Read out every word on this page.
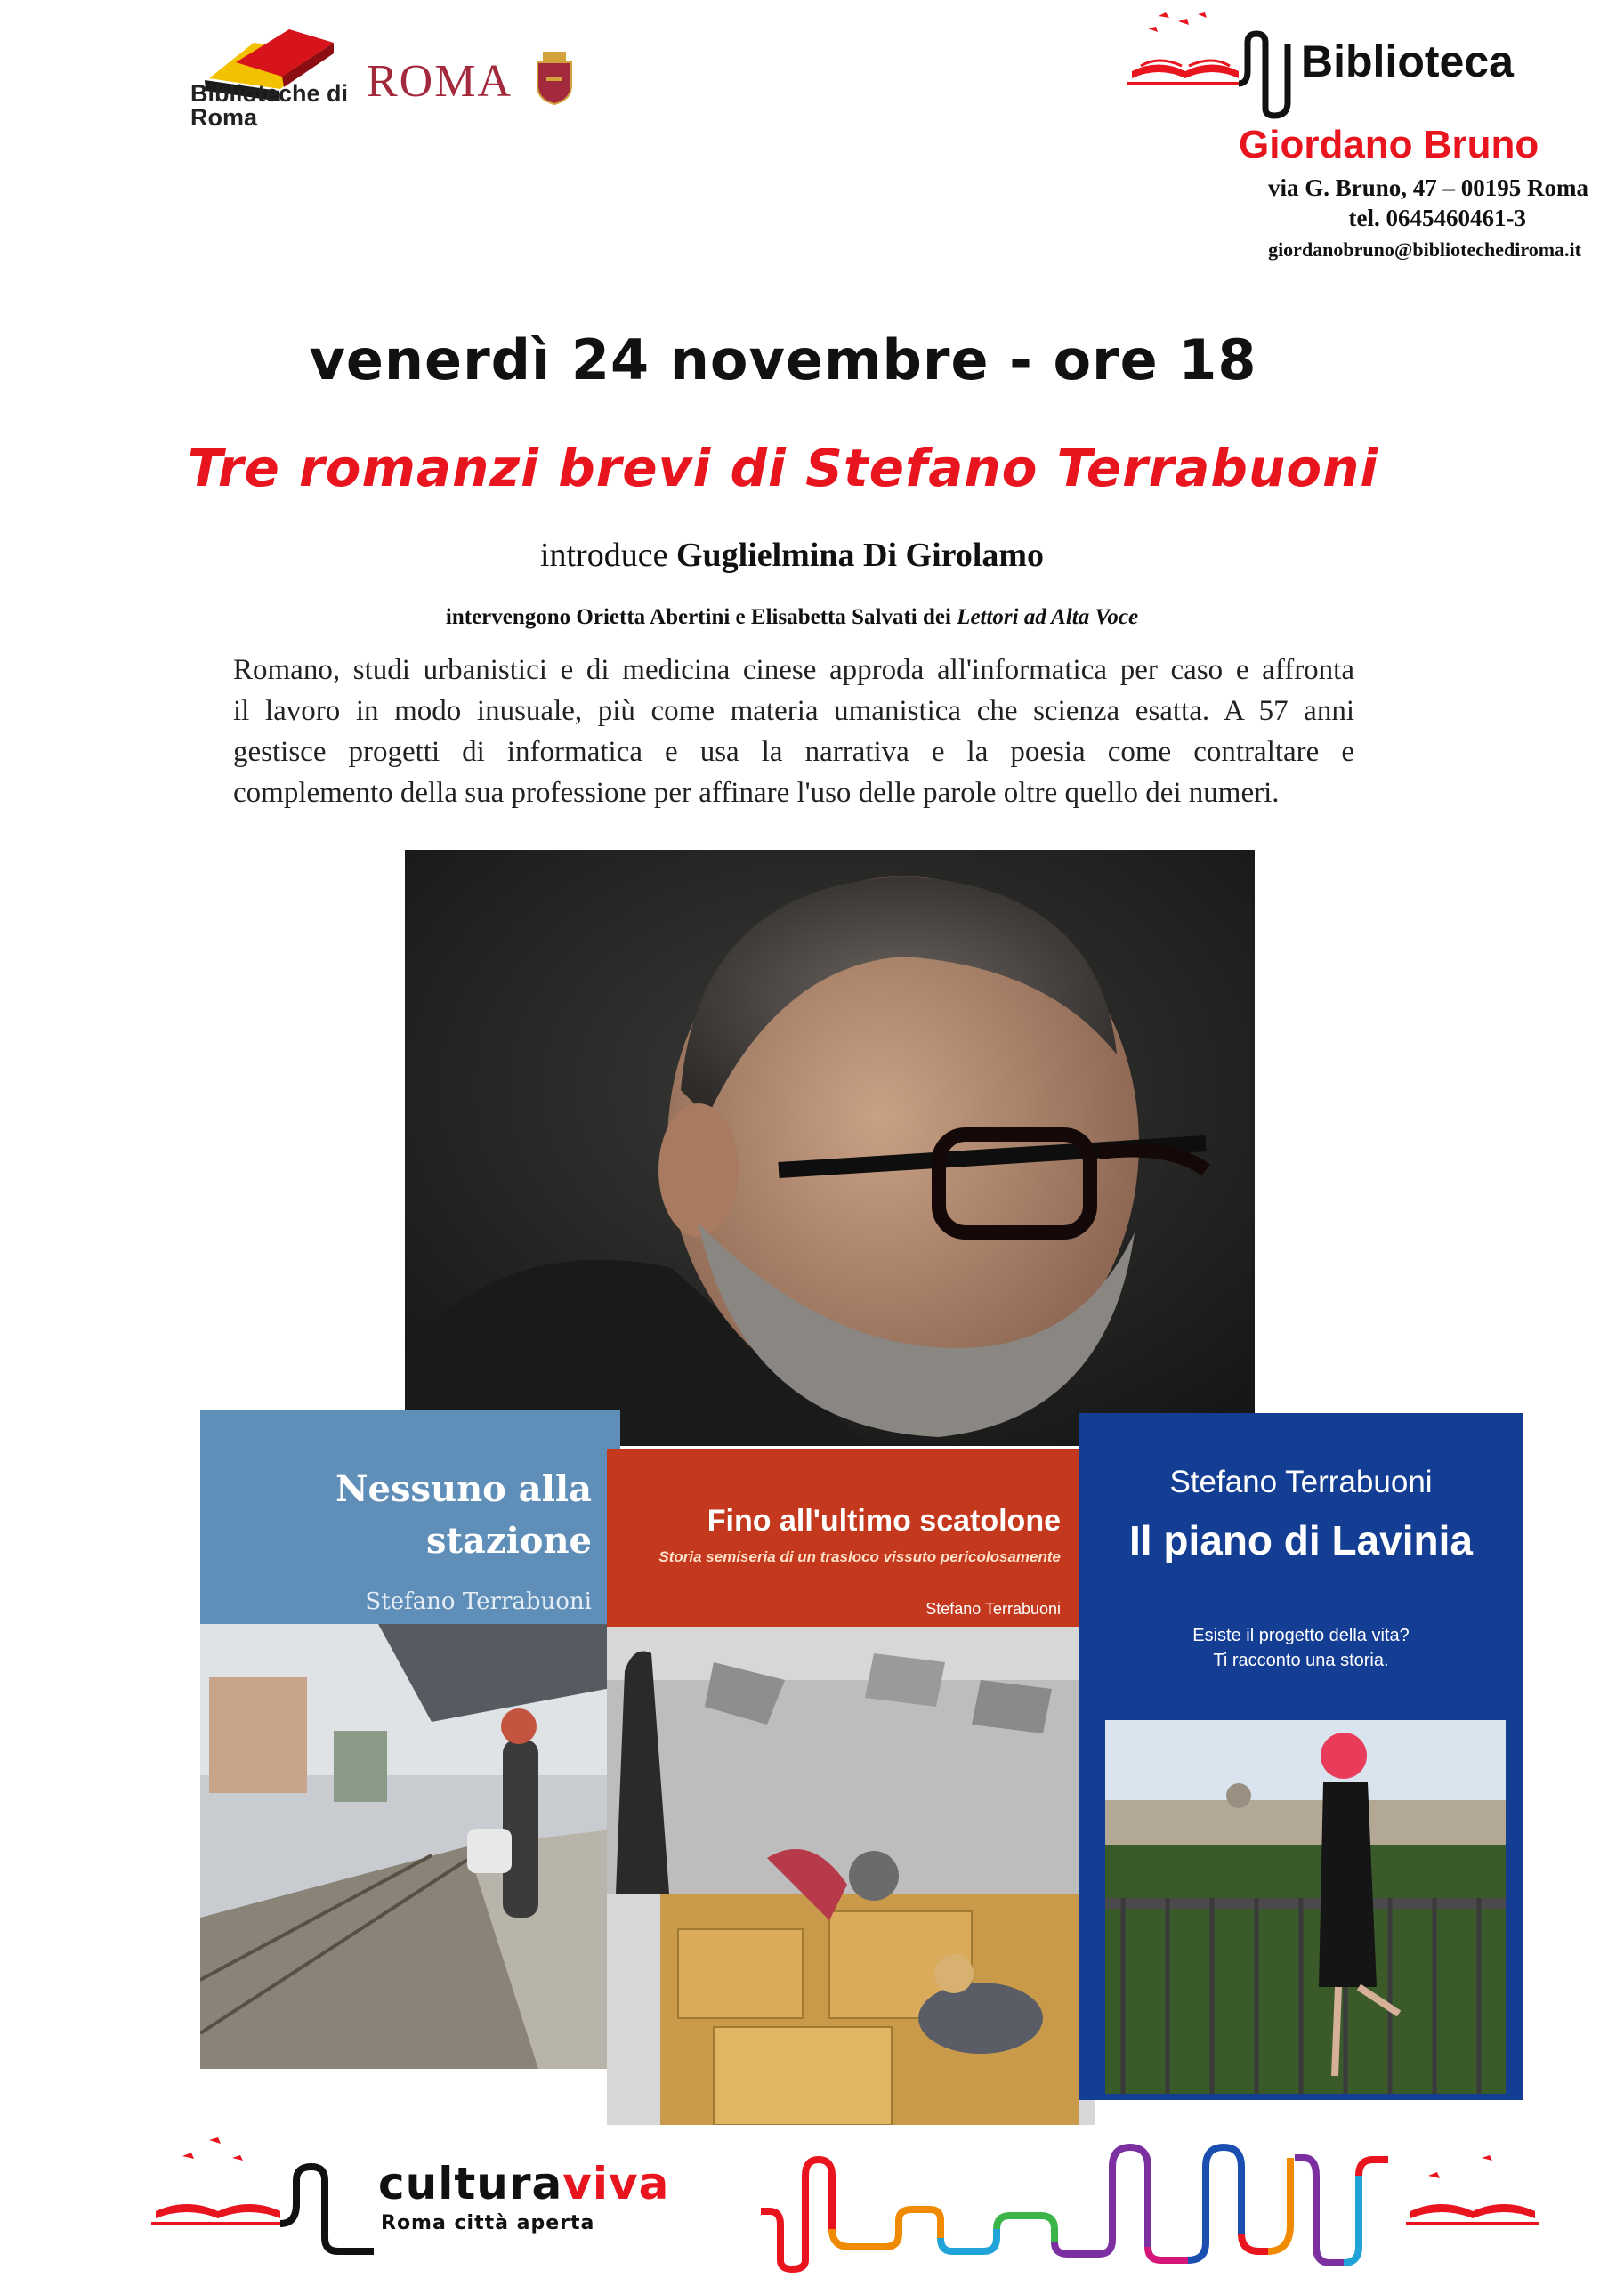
Biblioteche di Roma
ROMA	Biblioteca
Giordano Bruno
via G. Bruno, 47 – 00195 Roma
tel. 0645460461-3
giordanobruno@bibliotechediroma.it
venerdì 24 novembre - ore 18
Tre romanzi brevi di Stefano Terrabuoni
introduce Guglielmina Di Girolamo
intervengono Orietta Abertini e Elisabetta Salvati dei Lettori ad Alta Voce
Romano, studi urbanistici e di medicina cinese approda all'informatica per caso e affronta
il lavoro in modo inusuale, più come materia umanistica che scienza esatta. A 57 anni
gestisce progetti di informatica e usa la narrativa e la poesia come contraltare e
complemento della sua professione per affinare l'uso delle parole oltre quello dei numeri.
Nessuno alla
stazione
Stefano Terrabuoni
Fino all'ultimo scatolone
Storia semiseria di un trasloco vissuto pericolosamente
Stefano Terrabuoni
Stefano Terrabuoni
Il piano di Lavinia
Esiste il progetto della vita?
Ti racconto una storia.
culturaviva
Roma città aperta
